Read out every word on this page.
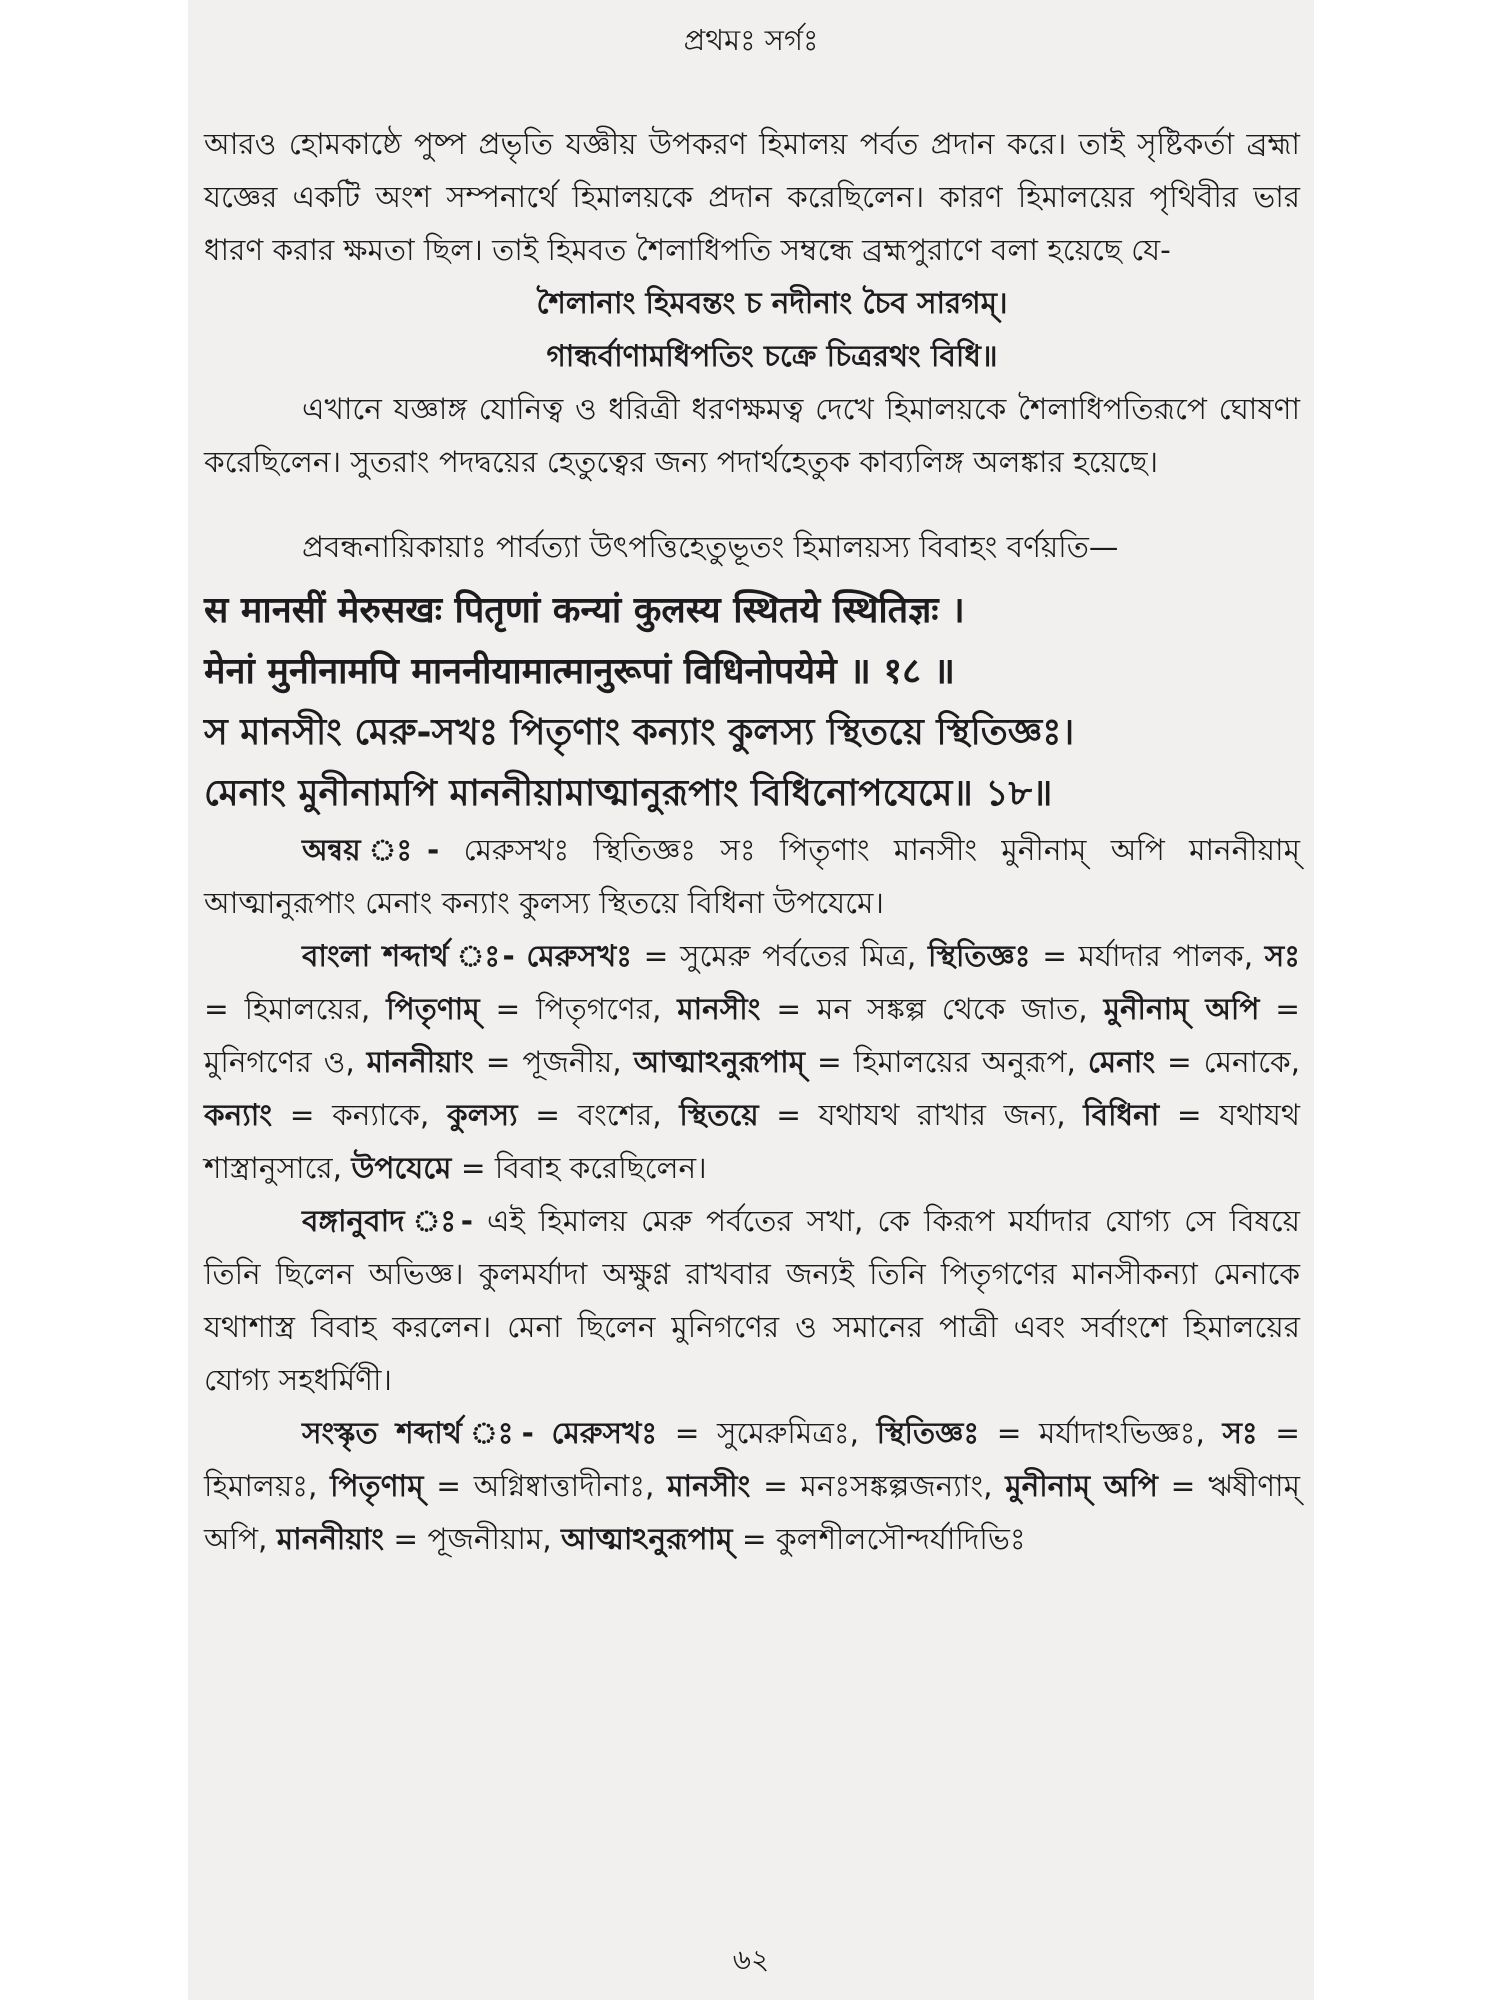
প্রথমঃ সর্গঃ

আরও হোমকাষ্ঠে পুষ্প প্রভৃতি যজ্ঞীয় উপকরণ হিমালয় পর্বত প্রদান করে। তাই সৃষ্টিকর্তা ব্রহ্মা যজ্ঞের একটি অংশ সম্পনার্থে হিমালয়কে প্রদান করেছিলেন। কারণ হিমালয়ের পৃথিবীর ভার ধারণ করার ক্ষমতা ছিল। তাই হিমবত শৈলাধিপতি সম্বন্ধে ব্রহ্মপুরাণে বলা হয়েছে যে-

শৈলানাং হিমবন্তং চ নদীনাং চৈব সারগম্।

গান্ধর্বাণামধিপতিং চক্রে চিত্ররথং বিধি॥

এখানে যজ্ঞাঙ্গ যোনিত্ব ও ধরিত্রী ধরণক্ষমত্ব দেখে হিমালয়কে শৈলাধিপতিরূপে ঘোষণা করেছিলেন। সুতরাং পদদ্বয়ের হেতুত্বের জন্য পদার্থহেতুক কাব্যলিঙ্গ অলঙ্কার হয়েছে।

প্রবন্ধনায়িকায়াঃ পার্বত্যা উৎপত্তিহেতুভূতং হিমালয়স্য বিবাহং বর্ণয়তি—

स मानसीं मेरुसखः पितृणां कन्यां कुलस्य स्थितये स्थितिज्ञः ।

मेनां मुनीनामपि माननीयामात्मानुरूपां विधिनोपयेमे ॥ १८ ॥

স মানসীং মেরু-সখঃ পিতৃণাং কন্যাং কুলস্য স্থিতয়ে স্থিতিজ্ঞঃ।

মেনাং মুনীনামপি মাননীয়ামাত্মানুরূপাং বিধিনোপযেমে॥ ১৮॥

অন্বয় ঃ- মেরুসখঃ স্থিতিজ্ঞঃ সঃ পিতৃণাং মানসীং মুনীনাম্ অপি মাননীয়াম্ আত্মানুরূপাং মেনাং কন্যাং কুলস্য স্থিতয়ে বিধিনা উপযেমে।

বাংলা শব্দার্থ ঃ- মেরুসখঃ = সুমেরু পর্বতের মিত্র, স্থিতিজ্ঞঃ = মর্যাদার পালক, সঃ = হিমালয়ের, পিতৃণাম্ = পিতৃগণের, মানসীং = মন সঙ্কল্প থেকে জাত, মুনীনাম্ অপি = মুনিগণের ও, মাননীয়াং = পূজনীয়, আত্মাঽনুরূপাম্ = হিমালয়ের অনুরূপ, মেনাং = মেনাকে, কন্যাং = কন্যাকে, কুলস্য = বংশের, স্থিতয়ে = যথাযথ রাখার জন্য, বিধিনা = যথাযথ শাস্ত্রানুসারে, উপযেমে = বিবাহ করেছিলেন।

বঙ্গানুবাদ ঃ- এই হিমালয় মেরু পর্বতের সখা, কে কিরূপ মর্যাদার যোগ্য সে বিষয়ে তিনি ছিলেন অভিজ্ঞ। কুলমর্যাদা অক্ষুণ্ণ রাখবার জন্যই তিনি পিতৃগণের মানসীকন্যা মেনাকে যথাশাস্ত্র বিবাহ করলেন। মেনা ছিলেন মুনিগণের ও সমানের পাত্রী এবং সর্বাংশে হিমালয়ের যোগ্য সহধর্মিণী।

সংস্কৃত শব্দার্থ ঃ- মেরুসখঃ = সুমেরুমিত্রঃ, স্থিতিজ্ঞঃ = মর্যাদাঽভিজ্ঞঃ, সঃ = হিমালয়ঃ, পিতৃণাম্ = অগ্নিষ্বাত্তাদীনাঃ, মানসীং = মনঃসঙ্কল্পজন্যাং, মুনীনাম্ অপি = ঋষীণাম্ অপি, মাননীয়াং = পূজনীয়াম, আত্মাঽনুরূপাম্ = কুলশীলসৌন্দর্যাদিভিঃ

৬২
